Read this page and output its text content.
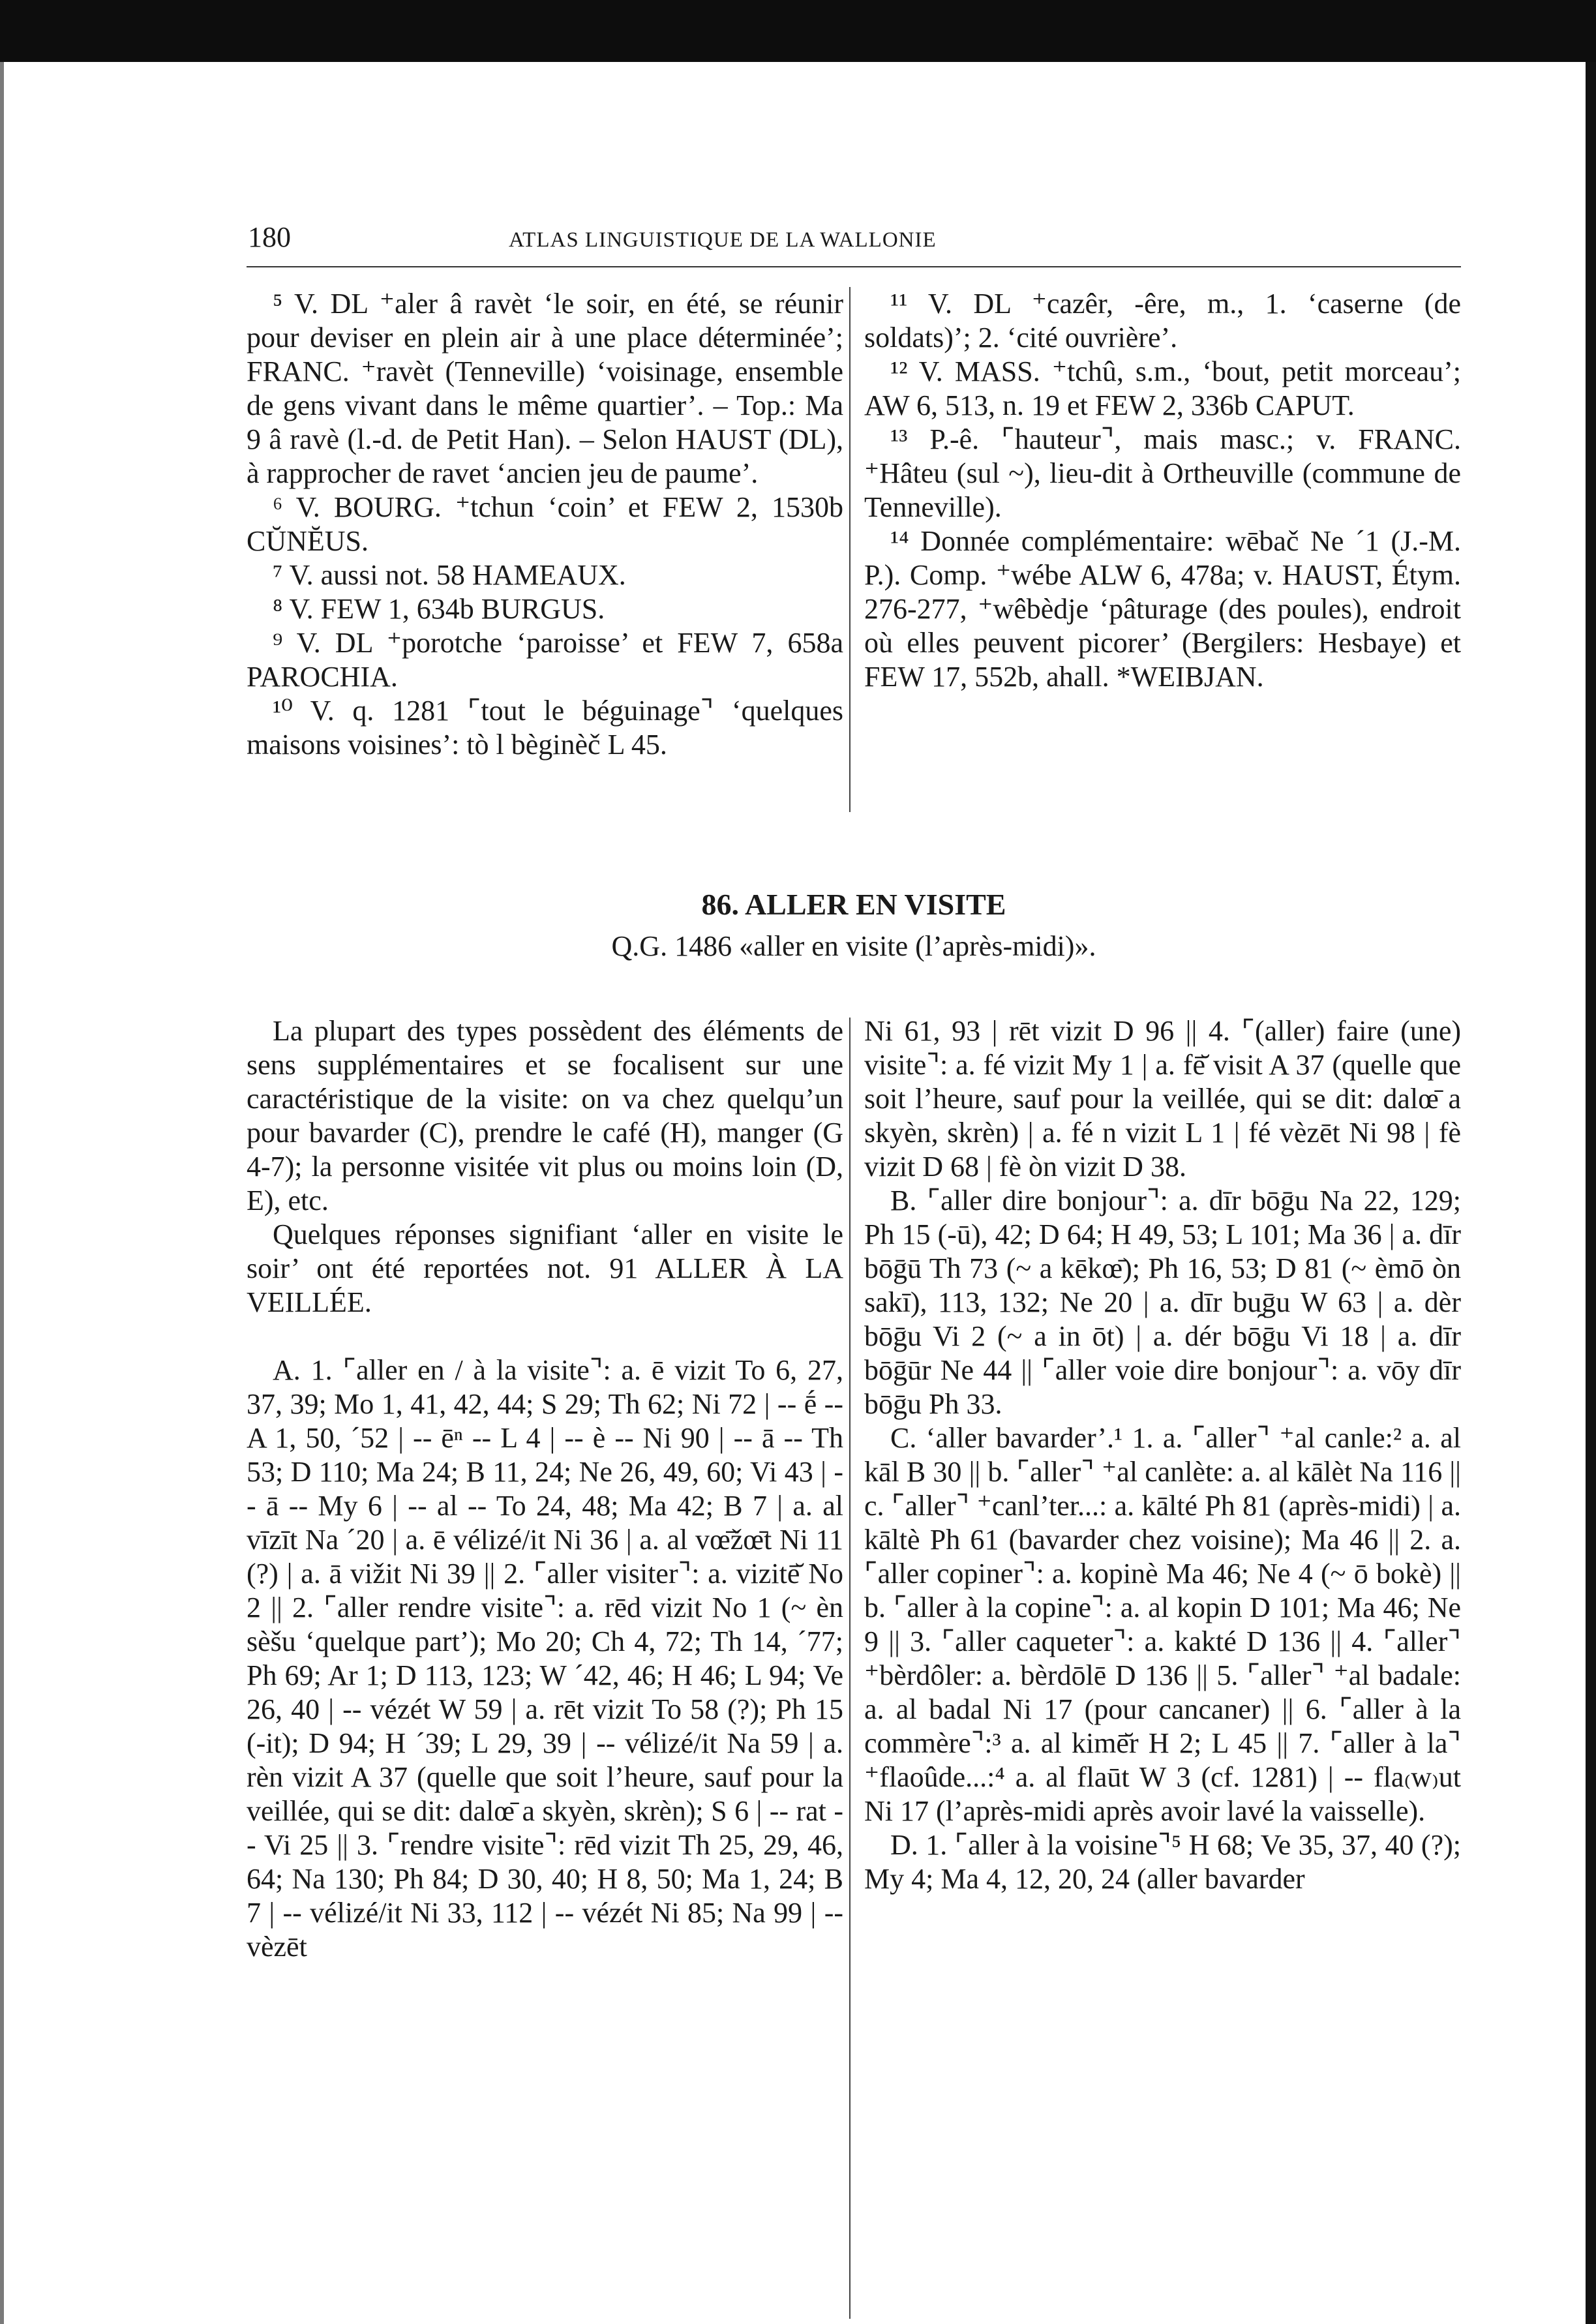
180	ATLAS LINGUISTIQUE DE LA WALLONIE

⁵ V. DL ⁺aler â ravèt ‘le soir, en été, se réunir pour deviser en plein air à une place déterminée’; FRANC. ⁺ravèt (Tenneville) ‘voisinage, ensemble de gens vivant dans le même quartier’. – Top.: Ma 9 â ravè (l.-d. de Petit Han). – Selon HAUST (DL), à rapprocher de ravet ‘ancien jeu de paume’.

⁶ V. BOURG. ⁺tchun ‘coin’ et FEW 2, 1530b CŬNĔUS.

⁷ V. aussi not. 58 HAMEAUX.

⁸ V. FEW 1, 634b BURGUS.

⁹ V. DL ⁺porotche ‘paroisse’ et FEW 7, 658a PAROCHIA.

¹⁰ V. q. 1281 ⌜tout le béguinage⌝ ‘quelques maisons voisines’: tò l bèginèč L 45.

¹¹ V. DL ⁺cazêr, -êre, m., 1. ‘caserne (de soldats)’; 2. ‘cité ouvrière’.

¹² V. MASS. ⁺tchû, s.m., ‘bout, petit morceau’; AW 6, 513, n. 19 et FEW 2, 336b CAPUT.

¹³ P.-ê. ⌜hauteur⌝, mais masc.; v. FRANC. ⁺Hâteu (sul ~), lieu-dit à Ortheuville (commune de Tenneville).

¹⁴ Donnée complémentaire: wēbač Ne ´1 (J.-M. P.). Comp. ⁺wébe ALW 6, 478a; v. HAUST, Étym. 276-277, ⁺wêbèdje ‘pâturage (des poules), endroit où elles peuvent picorer’ (Bergilers: Hesbaye) et FEW 17, 552b, ahall. *WEIBJAN.

86. ALLER EN VISITE
Q.G. 1486 «aller en visite (l’après-midi)».

La plupart des types possèdent des éléments de sens supplémentaires et se focalisent sur une caractéristique de la visite: on va chez quelqu’un pour bavarder (C), prendre le café (H), manger (G 4-7); la personne visitée vit plus ou moins loin (D, E), etc.

Quelques réponses signifiant ‘aller en visite le soir’ ont été reportées not. 91 ALLER À LA VEILLÉE.

A. 1. ⌜aller en / à la visite⌝: a. ē vizit To 6, 27, 37, 39; Mo 1, 41, 42, 44; S 29; Th 62; Ni 72 | -- ḗ -- A 1, 50, ´52 | -- ēⁿ -- L 4 | -- è -- Ni 90 | -- ā -- Th 53; D 110; Ma 24; B 11, 24; Ne 26, 49, 60; Vi 43 | -- ā -- My 6 | -- al -- To 24, 48; Ma 42; B 7 | a. al vīzīt Na ´20 | a. ē vélizé/it Ni 36 | a. al vœ̄žœ̄t Ni 11 (?) | a. ā vižit Ni 39 || 2. ⌜aller visiter⌝: a. vizitē̆ No 2 || 2. ⌜aller rendre visite⌝: a. rēd vizit No 1 (~ èn sèšu ‘quelque part’); Mo 20; Ch 4, 72; Th 14, ´77; Ph 69; Ar 1; D 113, 123; W ´42, 46; H 46; L 94; Ve 26, 40 | -- vézét W 59 | a. rēt vizit To 58 (?); Ph 15 (-it); D 94; H ´39; L 29, 39 | -- vélizé/it Na 59 | a. rèn vizit A 37 (quelle que soit l’heure, sauf pour la veillée, qui se dit: dalœ̄ a skyèn, skrèn); S 6 | -- rat -- Vi 25 || 3. ⌜rendre visite⌝: rēd vizit Th 25, 29, 46, 64; Na 130; Ph 84; D 30, 40; H 8, 50; Ma 1, 24; B 7 | -- vélizé/it Ni 33, 112 | -- vézét Ni 85; Na 99 | -- vèzēt

Ni 61, 93 | rēt vizit D 96 || 4. ⌜(aller) faire (une) visite⌝: a. fé vizit My 1 | a. fē̆ visit A 37 (quelle que soit l’heure, sauf pour la veillée, qui se dit: dalœ̄ a skyèn, skrèn) | a. fé n vizit L 1 | fé vèzēt Ni 98 | fè vizit D 68 | fè òn vizit D 38.

B. ⌜aller dire bonjour⌝: a. dīr bōḡu Na 22, 129; Ph 15 (-ū), 42; D 64; H 49, 53; L 101; Ma 36 | a. dīr bōḡū Th 73 (~ a kēkœ̄); Ph 16, 53; D 81 (~ èmō òn sakī), 113, 132; Ne 20 | a. dīr bu̯ḡu W 63 | a. dèr bōḡu Vi 2 (~ a in ōt) | a. dér bōḡu Vi 18 | a. dīr bōḡūr Ne 44 || ⌜aller voie dire bonjour⌝: a. vōy dīr bōḡu Ph 33.

C. ‘aller bavarder’.¹ 1. a. ⌜aller⌝ ⁺al canle:² a. al kāl B 30 || b. ⌜aller⌝ ⁺al canlète: a. al kālèt Na 116 || c. ⌜aller⌝ ⁺canl’ter...: a. kālté Ph 81 (après-midi) | a. kāltè Ph 61 (bavarder chez voisine); Ma 46 || 2. a. ⌜aller copiner⌝: a. kopinè Ma 46; Ne 4 (~ ō bokè) || b. ⌜aller à la copine⌝: a. al kopin D 101; Ma 46; Ne 9 || 3. ⌜aller caqueter⌝: a. kakté D 136 || 4. ⌜aller⌝ ⁺bèrdôler: a. bèrdōlē D 136 || 5. ⌜aller⌝ ⁺al badale: a. al badal Ni 17 (pour cancaner) || 6. ⌜aller à la commère⌝:³ a. al kimē̆r H 2; L 45 || 7. ⌜aller à la⌝ ⁺flaoûde...:⁴ a. al flaūt W 3 (cf. 1281) | -- fla₍w₎ut Ni 17 (l’après-midi après avoir lavé la vaisselle).

D. 1. ⌜aller à la voisine⌝⁵ H 68; Ve 35, 37, 40 (?); My 4; Ma 4, 12, 20, 24 (aller bavarder
